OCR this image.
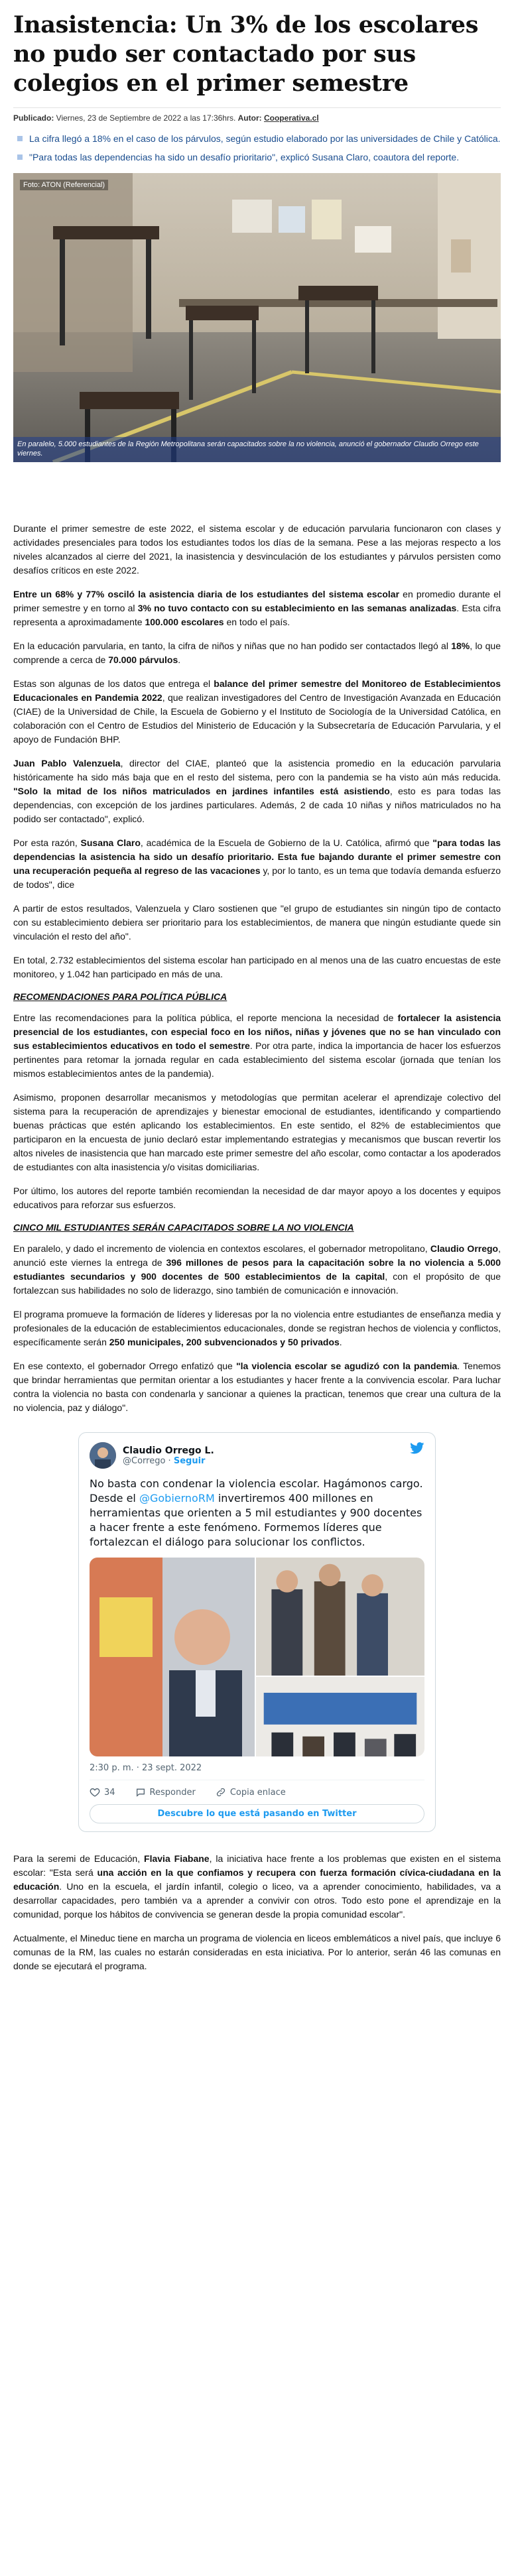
Inasistencia: Un 3% de los escolares no pudo ser contactado por sus colegios en el primer semestre
Publicado: Viernes, 23 de Septiembre de 2022 a las 17:36hrs. Autor: Cooperativa.cl
La cifra llegó a 18% en el caso de los párvulos, según estudio elaborado por las universidades de Chile y Católica.
"Para todas las dependencias ha sido un desafío prioritario", explicó Susana Claro, coautora del reporte.
Foto: ATON (Referencial)
En paralelo, 5.000 estudiantes de la Región Metropolitana serán capacitados sobre la no violencia, anunció el gobernador Claudio Orrego este viernes.

Durante el primer semestre de este 2022, el sistema escolar y de educación parvularia funcionaron con clases y actividades presenciales para todos los estudiantes todos los días de la semana. Pese a las mejoras respecto a los niveles alcanzados al cierre del 2021, la inasistencia y desvinculación de los estudiantes y párvulos persisten como desafíos críticos en este 2022.

Entre un 68% y 77% osciló la asistencia diaria de los estudiantes del sistema escolar en promedio durante el primer semestre y en torno al 3% no tuvo contacto con su establecimiento en las semanas analizadas. Esta cifra representa a aproximadamente 100.000 escolares en todo el país.

En la educación parvularia, en tanto, la cifra de niños y niñas que no han podido ser contactados llegó al 18%, lo que comprende a cerca de 70.000 párvulos.

Estas son algunas de los datos que entrega el balance del primer semestre del Monitoreo de Establecimientos Educacionales en Pandemia 2022, que realizan investigadores del Centro de Investigación Avanzada en Educación (CIAE) de la Universidad de Chile, la Escuela de Gobierno y el Instituto de Sociología de la Universidad Católica, en colaboración con el Centro de Estudios del Ministerio de Educación y la Subsecretaría de Educación Parvularia, y el apoyo de Fundación BHP.

Juan Pablo Valenzuela, director del CIAE, planteó que la asistencia promedio en la educación parvularia históricamente ha sido más baja que en el resto del sistema, pero con la pandemia se ha visto aún más reducida. "Solo la mitad de los niños matriculados en jardines infantiles está asistiendo, esto es para todas las dependencias, con excepción de los jardines particulares. Además, 2 de cada 10 niñas y niños matriculados no ha podido ser contactado", explicó.

Por esta razón, Susana Claro, académica de la Escuela de Gobierno de la U. Católica, afirmó que "para todas las dependencias la asistencia ha sido un desafío prioritario. Esta fue bajando durante el primer semestre con una recuperación pequeña al regreso de las vacaciones y, por lo tanto, es un tema que todavía demanda esfuerzo de todos", dice

A partir de estos resultados, Valenzuela y Claro sostienen que "el grupo de estudiantes sin ningún tipo de contacto con su establecimiento debiera ser prioritario para los establecimientos, de manera que ningún estudiante quede sin vinculación el resto del año".

En total, 2.732 establecimientos del sistema escolar han participado en al menos una de las cuatro encuestas de este monitoreo, y 1.042 han participado en más de una.

RECOMENDACIONES PARA POLÍTICA PÚBLICA

Entre las recomendaciones para la política pública, el reporte menciona la necesidad de fortalecer la asistencia presencial de los estudiantes, con especial foco en los niños, niñas y jóvenes que no se han vinculado con sus establecimientos educativos en todo el semestre. Por otra parte, indica la importancia de hacer los esfuerzos pertinentes para retomar la jornada regular en cada establecimiento del sistema escolar (jornada que tenían los mismos establecimientos antes de la pandemia).

Asimismo, proponen desarrollar mecanismos y metodologías que permitan acelerar el aprendizaje colectivo del sistema para la recuperación de aprendizajes y bienestar emocional de estudiantes, identificando y compartiendo buenas prácticas que estén aplicando los establecimientos. En este sentido, el 82% de establecimientos que participaron en la encuesta de junio declaró estar implementando estrategias y mecanismos que buscan revertir los altos niveles de inasistencia que han marcado este primer semestre del año escolar, como contactar a los apoderados de estudiantes con alta inasistencia y/o visitas domiciliarias.

Por último, los autores del reporte también recomiendan la necesidad de dar mayor apoyo a los docentes y equipos educativos para reforzar sus esfuerzos.

CINCO MIL ESTUDIANTES SERÁN CAPACITADOS SOBRE LA NO VIOLENCIA

En paralelo, y dado el incremento de violencia en contextos escolares, el gobernador metropolitano, Claudio Orrego, anunció este viernes la entrega de 396 millones de pesos para la capacitación sobre la no violencia a 5.000 estudiantes secundarios y 900 docentes de 500 establecimientos de la capital, con el propósito de que fortalezcan sus habilidades no solo de liderazgo, sino también de comunicación e innovación.

El programa promueve la formación de líderes y lideresas por la no violencia entre estudiantes de enseñanza media y profesionales de la educación de establecimientos educacionales, donde se registran hechos de violencia y conflictos, específicamente serán 250 municipales, 200 subvencionados y 50 privados.

En ese contexto, el gobernador Orrego enfatizó que "la violencia escolar se agudizó con la pandemia. Tenemos que brindar herramientas que permitan orientar a los estudiantes y hacer frente a la convivencia escolar. Para luchar contra la violencia no basta con condenarla y sancionar a quienes la practican, tenemos que crear una cultura de la no violencia, paz y diálogo".

Claudio Orrego L.
@Corrego · Seguir
No basta con condenar la violencia escolar. Hagámonos cargo. Desde el @GobiernoRM invertiremos 400 millones en herramientas que orienten a 5 mil estudiantes y 900 docentes a hacer frente a este fenómeno. Formemos líderes que fortalezcan el diálogo para solucionar los conflictos.
2:30 p. m. · 23 sept. 2022
34	Responder	Copia enlace
Descubre lo que está pasando en Twitter

Para la seremi de Educación, Flavia Fiabane, la iniciativa hace frente a los problemas que existen en el sistema escolar: "Esta será una acción en la que confiamos y recupera con fuerza formación cívica-ciudadana en la educación. Uno en la escuela, el jardín infantil, colegio o liceo, va a aprender conocimiento, habilidades, va a desarrollar capacidades, pero también va a aprender a convivir con otros. Todo esto pone el aprendizaje en la comunidad, porque los hábitos de convivencia se generan desde la propia comunidad escolar".

Actualmente, el Mineduc tiene en marcha un programa de violencia en liceos emblemáticos a nivel país, que incluye 6 comunas de la RM, las cuales no estarán consideradas en esta iniciativa. Por lo anterior, serán 46 las comunas en donde se ejecutará el programa.
